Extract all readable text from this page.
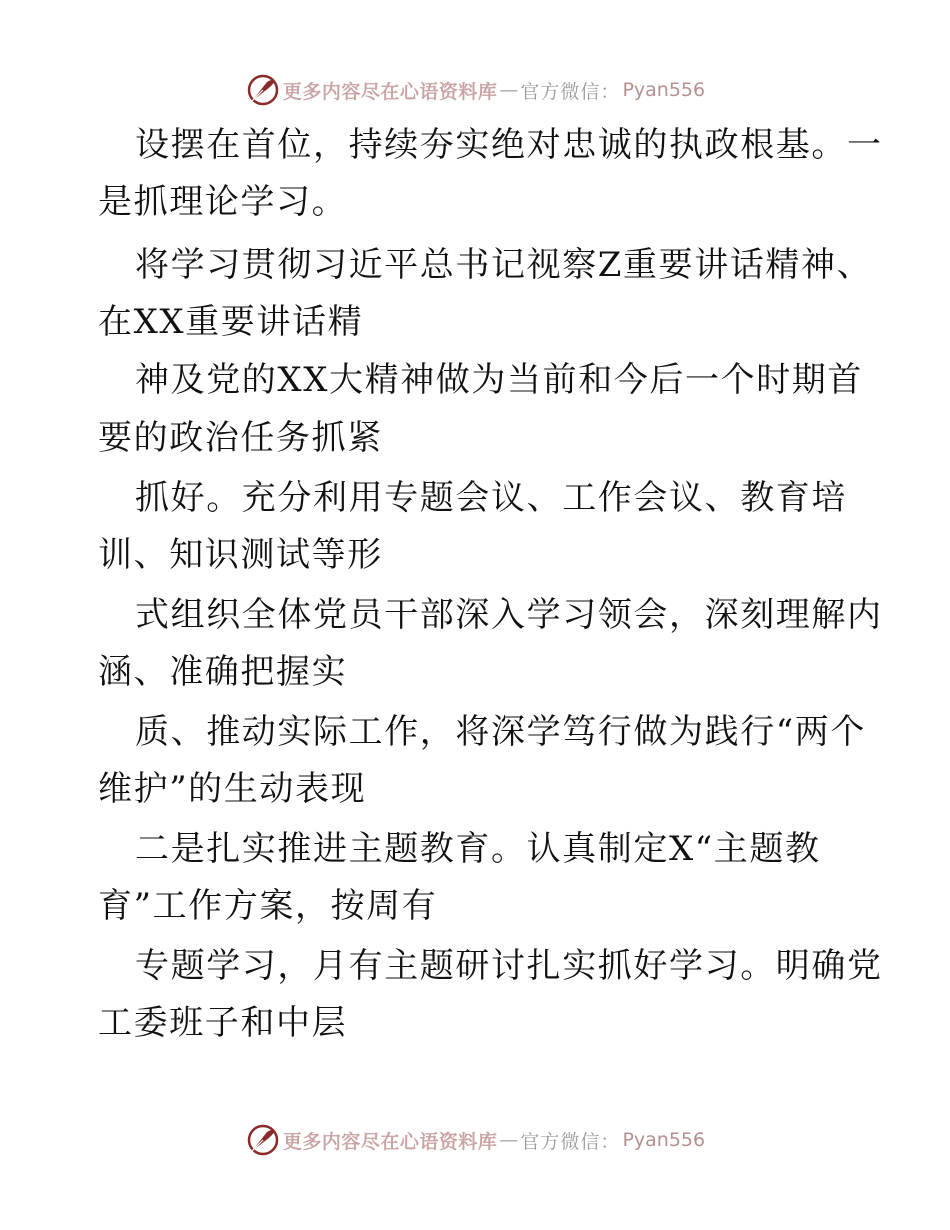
更多内容尽在心语资料库 — 官方微信： Pyan556
设摆在首位，持续夯实绝对忠诚的执政根基。一
是抓理论学习。
将学习贯彻习近平总书记视察Z重要讲话精神、
在XX重要讲话精
神及党的XX大精神做为当前和今后一个时期首
要的政治任务抓紧
抓好。充分利用专题会议、工作会议、教育培
训、知识测试等形
式组织全体党员干部深入学习领会，深刻理解内
涵、准确把握实
质、推动实际工作，将深学笃行做为践行“两个
维护”的生动表现
二是扎实推进主题教育。认真制定X“主题教
育”工作方案，按周有
专题学习，月有主题研讨扎实抓好学习。明确党
工委班子和中层
更多内容尽在心语资料库 — 官方微信： Pyan556
